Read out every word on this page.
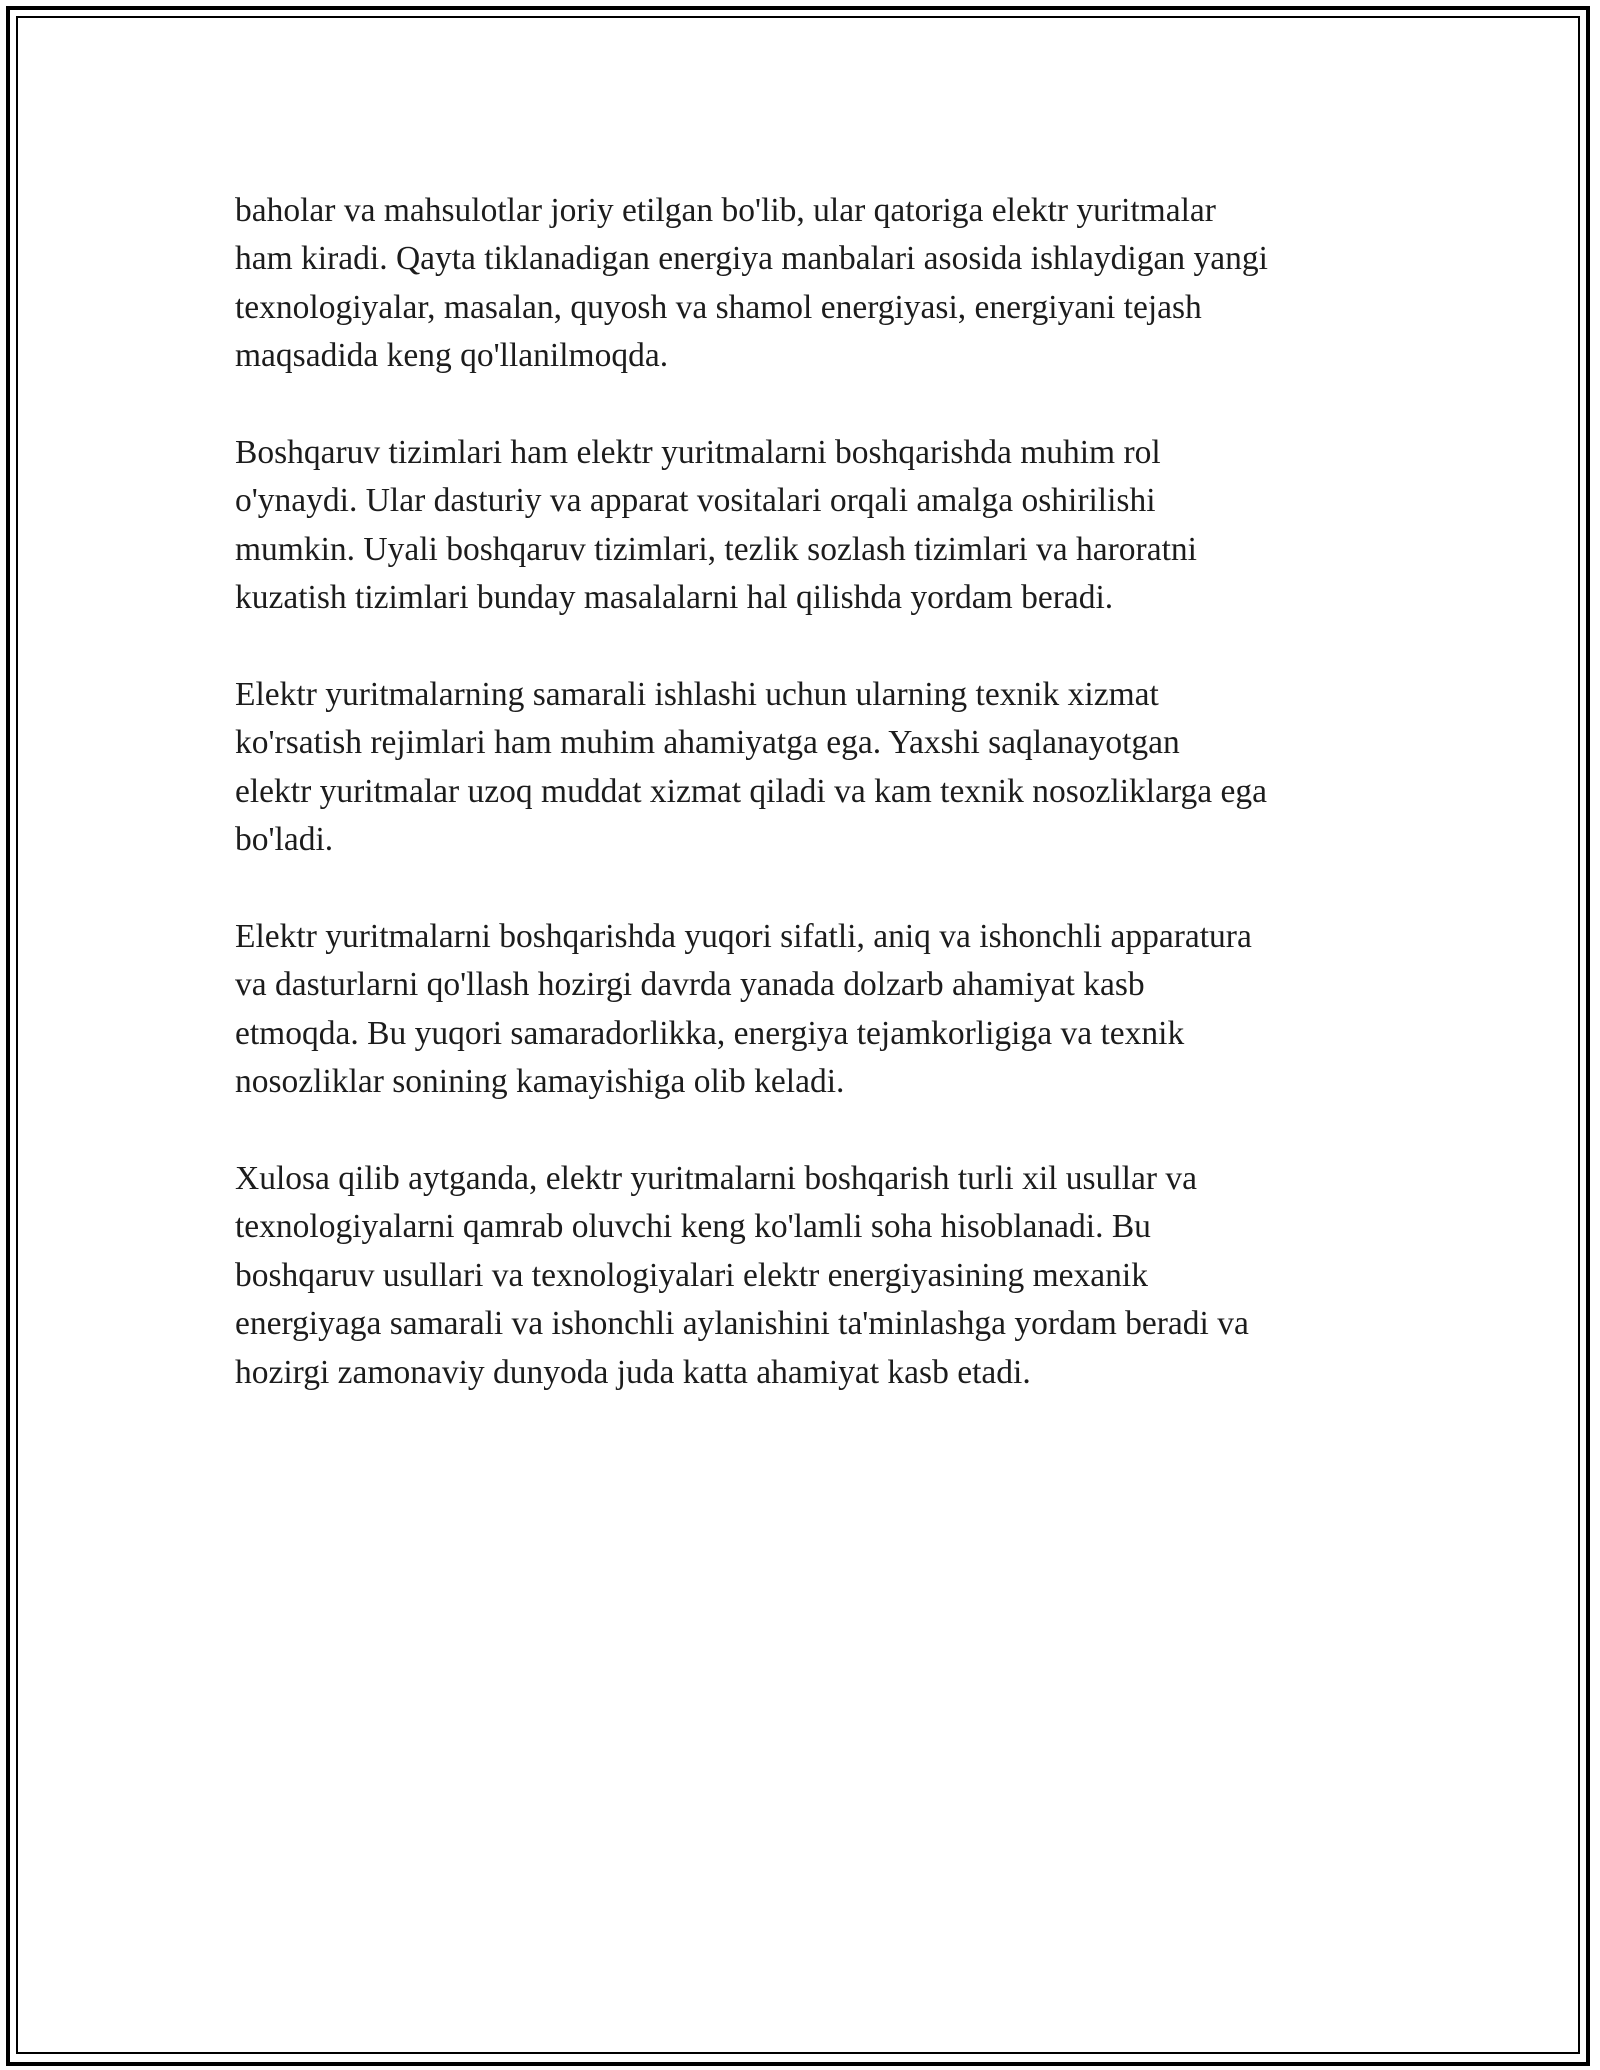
baholar va mahsulotlar joriy etilgan bo'lib, ular qatoriga elektr yuritmalar
ham kiradi. Qayta tiklanadigan energiya manbalari asosida ishlaydigan yangi
texnologiyalar, masalan, quyosh va shamol energiyasi, energiyani tejash
maqsadida keng qo'llanilmoqda.

Boshqaruv tizimlari ham elektr yuritmalarni boshqarishda muhim rol
o'ynaydi. Ular dasturiy va apparat vositalari orqali amalga oshirilishi
mumkin. Uyali boshqaruv tizimlari, tezlik sozlash tizimlari va haroratni
kuzatish tizimlari bunday masalalarni hal qilishda yordam beradi.

Elektr yuritmalarning samarali ishlashi uchun ularning texnik xizmat
ko'rsatish rejimlari ham muhim ahamiyatga ega. Yaxshi saqlanayotgan
elektr yuritmalar uzoq muddat xizmat qiladi va kam texnik nosozliklarga ega
bo'ladi.

Elektr yuritmalarni boshqarishda yuqori sifatli, aniq va ishonchli apparatura
va dasturlarni qo'llash hozirgi davrda yanada dolzarb ahamiyat kasb
etmoqda. Bu yuqori samaradorlikka, energiya tejamkorligiga va texnik
nosozliklar sonining kamayishiga olib keladi.

Xulosa qilib aytganda, elektr yuritmalarni boshqarish turli xil usullar va
texnologiyalarni qamrab oluvchi keng ko'lamli soha hisoblanadi. Bu
boshqaruv usullari va texnologiyalari elektr energiyasining mexanik
energiyaga samarali va ishonchli aylanishini ta'minlashga yordam beradi va
hozirgi zamonaviy dunyoda juda katta ahamiyat kasb etadi.
